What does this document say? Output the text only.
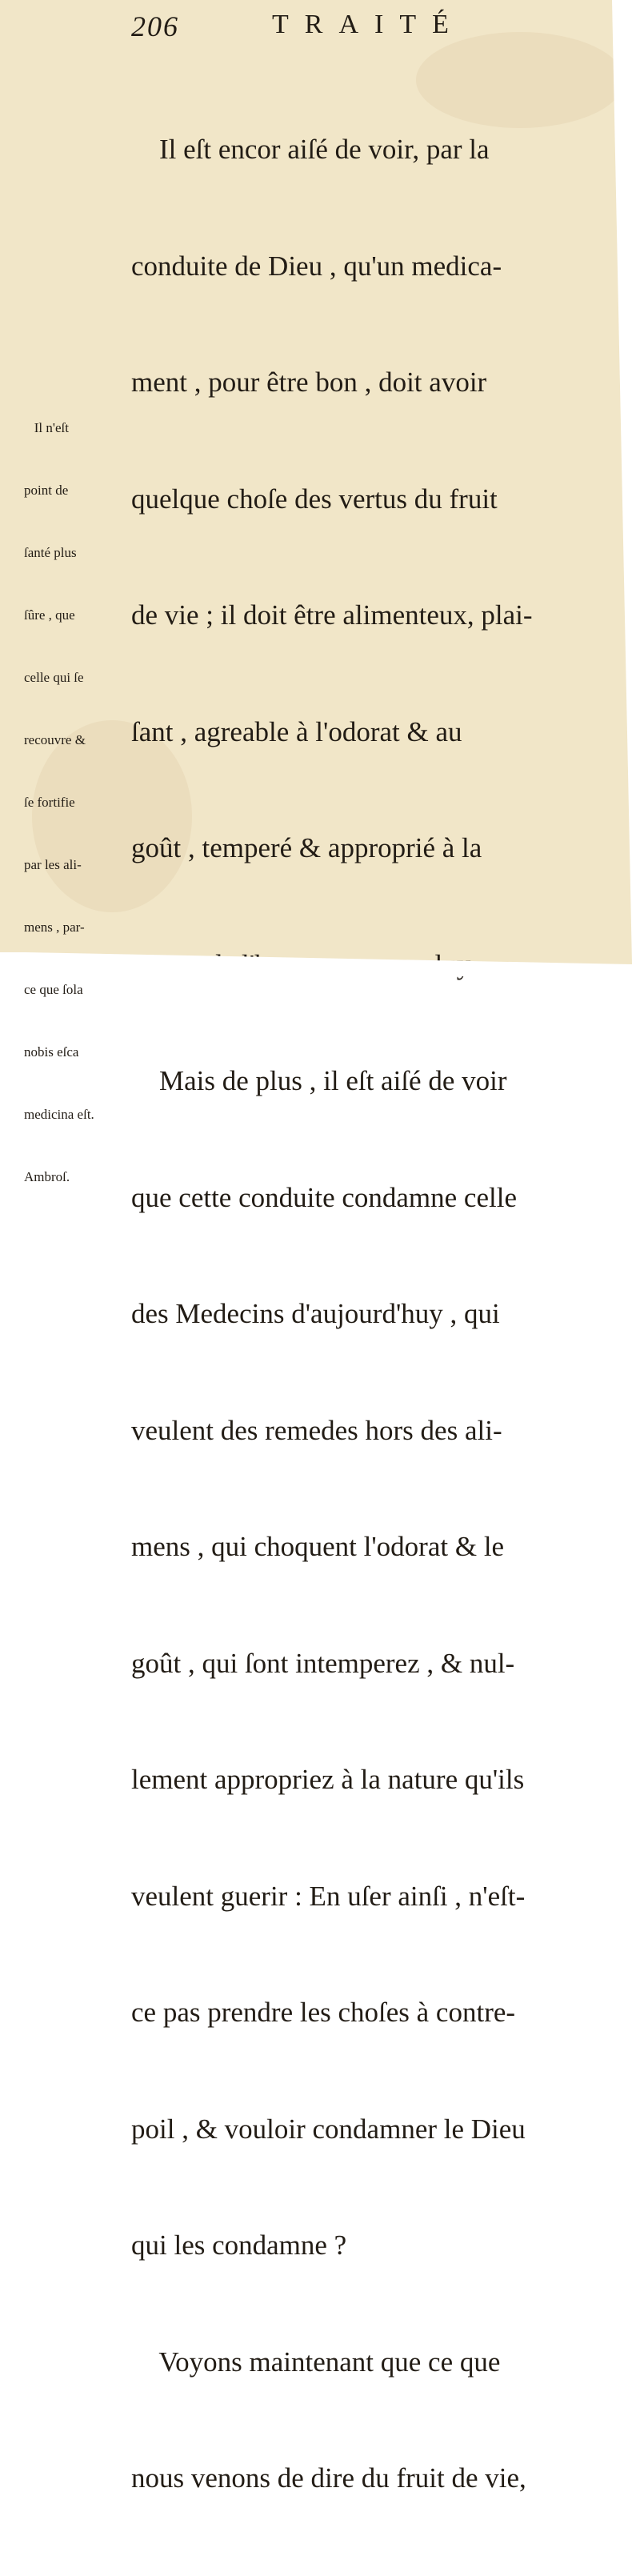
206	TRAITÉ

Il eſt encor aiſé de voir, par la

conduite de Dieu , qu'un medica-

ment , pour être bon , doit avoir

quelque choſe des vertus du fruit

de vie ; il doit être alimenteux, plai-

ſant , agreable à l'odorat & au

goût , temperé & approprié à la

Mais de plus , il eſt aiſé de voir

que cette conduite condamne celle

des Medecins d'aujourd'huy , qui

veulent des remedes hors des ali-

mens , qui choquent l'odorat & le

goût , qui ſont intemperez , & nul-

lement appropriez à la nature qu'ils

veulent guerir : En uſer ainſi , n'eſt-

ce pas prendre les choſes à contre-

poil , & vouloir condamner le Dieu

qui les condamne ?

Voyons maintenant que ce que

nous venons de dire du fruit de vie,

Il n'eſt

point de

ſanté plus

ſûre , que

celle qui ſe

recouvre &

ſe fortifie

par les ali-

mens , par-

ce que ſola

nobis eſca

medicina eſt.

Ambroſ.
